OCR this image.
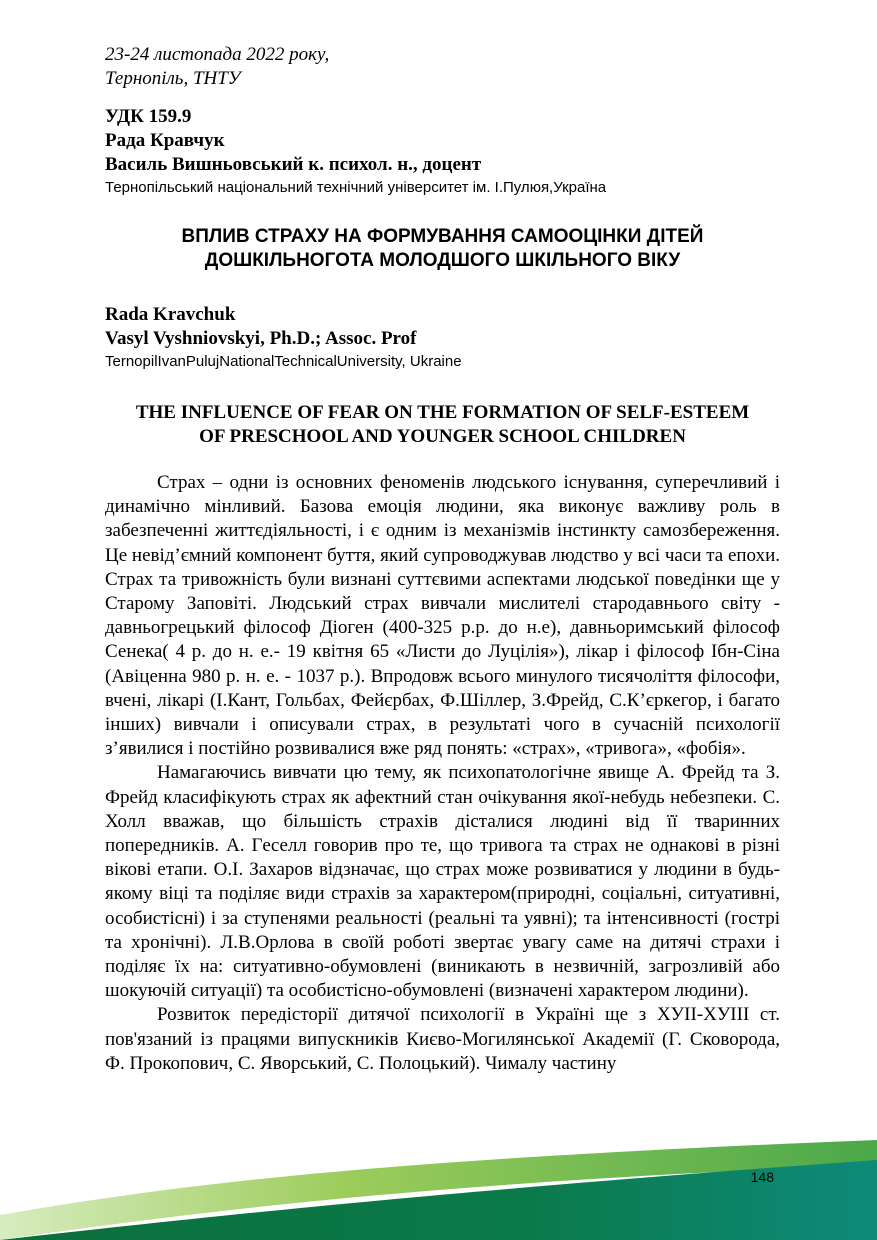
23-24 листопада 2022 року,

Тернопіль, ТНТУ

УДК 159.9

Рада Кравчук

Василь Вишньовський к. психол. н., доцент

Тернопільський національний технічний університет ім. І.Пулюя,Україна

ВПЛИВ СТРАХУ НА ФОРМУВАННЯ САМООЦІНКИ ДІТЕЙ ДОШКІЛЬНОГОТА МОЛОДШОГО ШКІЛЬНОГО ВІКУ

Rada Kravchuk

Vasyl Vyshniovskyi, Ph.D.; Assoc. Prof

TernopilIvanPulujNationalTechnicalUniversity, Ukraine

THE INFLUENCE OF FEAR ON THE FORMATION OF SELF-ESTEEM OF PRESCHOOL AND YOUNGER SCHOOL CHILDREN

Страх – одни із основних феноменів людського існування, суперечливий і динамічно мінливий. Базова емоція людини, яка виконує важливу роль в забезпеченні життєдіяльності, і є одним із механізмів інстинкту самозбереження. Це невід’ємний компонент буття, який супроводжував людство у всі часи та епохи. Страх та тривожність були визнані суттєвими аспектами людської поведінки ще у Старому Заповіті. Людський страх вивчали мислителі стародавнього світу - давньогрецький філософ Діоген (400-325 р.р. до н.е), давньоримський філософ Сенека( 4 р. до н. е.- 19 квітня 65 «Листи до Луцілія»), лікар і філософ Ібн-Сіна (Авіценна 980 р. н. е. - 1037 р.). Впродовж всього минулого тисячоліття філософи, вчені, лікарі (І.Кант, Гольбах, Фейєрбах, Ф.Шіллер, З.Фрейд, С.К’єркегор, і багато інших) вивчали і описували страх, в результаті чого в сучасній психології з’явилися і постійно розвивалися вже ряд понять: «страх», «тривога», «фобія».

Намагаючись вивчати цю тему, як психопатологічне явище А. Фрейд та З. Фрейд класифікують страх як афектний стан очікування якої-небудь небезпеки. С. Холл вважав, що більшість страхів дісталися людині від її тваринних попередників. А. Гeселл говорив про те, що тривога та страх не однакові в різні вікові етапи. О.І. Захаров відзначає, що страх може розвиватися у людини в будь-якому віці та поділяє види страхів за характером(природні, соціальні, ситуативні, особистісні) і за ступенями реальності (реальні та уявні); та інтенсивності (гострі та хронічні). Л.В.Орлова в своїй роботі звертає увагу саме на дитячі страхи і поділяє їх на: ситуативно-обумовлені (виникають в незвичній, загрозливій або шокуючій ситуації) та особистісно-обумовлені (визначені характером людини).

Розвиток передісторії дитячої психології в Україні ще з XУІІ-XУІІІ ст. пов'язаний із працями випускників Києво-Могилянської Академії (Г. Сковорода, Ф. Прокопович, С. Яворський, С. Полоцький). Чималу частину

148
